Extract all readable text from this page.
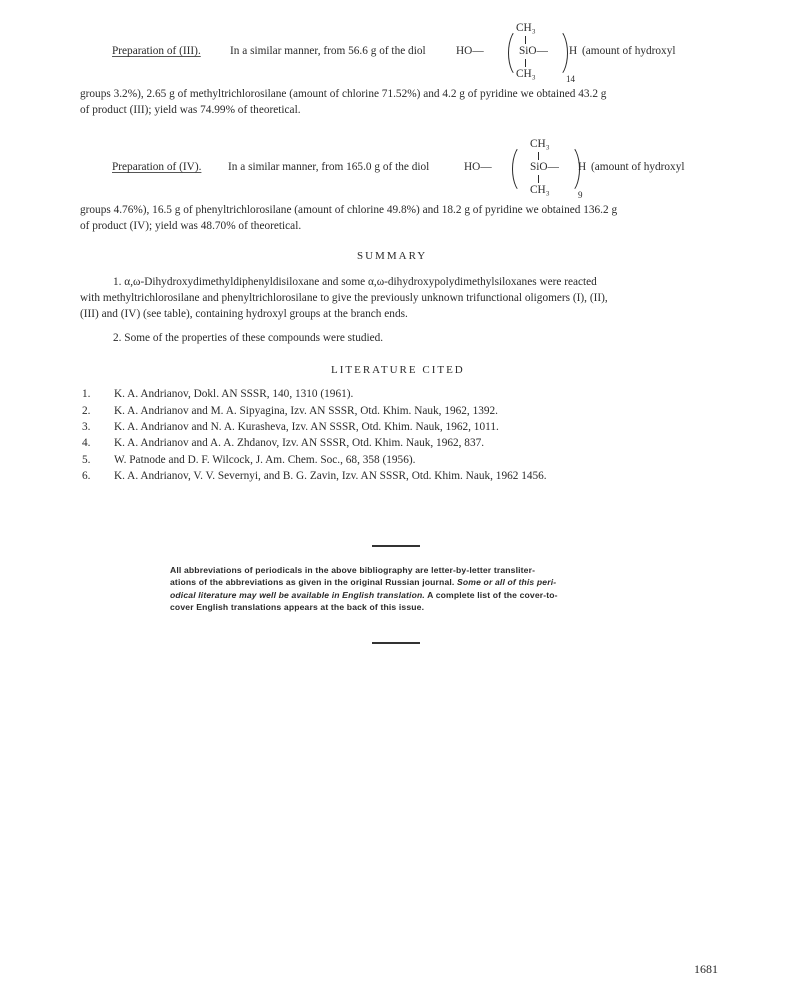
Preparation of (III).	In a similar manner, from 56.6 g of the diol	HO—
CH₃
SiO—
CH₃	14
H (amount of hydroxyl
groups 3.2%), 2.65 g of methyltrichlorosilane (amount of chlorine 71.52%) and 4.2 g of pyridine we obtained 43.2 g
of product (III); yield was 74.99% of theoretical.
Preparation of (IV). In a similar manner, from 165.0 g of the diol	HO—
CH₃
SiO—
CH₃	9
H (amount of hydroxyl
groups 4.76%), 16.5 g of phenyltrichlorosilane (amount of chlorine 49.8%) and 18.2 g of pyridine we obtained 136.2 g
of product (IV); yield was 48.70% of theoretical.
SUMMARY
1. α,ω-Dihydroxydimethyldiphenyldisiloxane and some α,ω-dihydroxypolydimethylsiloxanes were reacted
with methyltrichlorosilane and phenyltrichlorosilane to give the previously unknown trifunctional oligomers (I), (II),
(III) and (IV) (see table), containing hydroxyl groups at the branch ends.
2. Some of the properties of these compounds were studied.
LITERATURE CITED
1.	K. A. Andrianov, Dokl. AN SSSR, 140, 1310 (1961).
2.	K. A. Andrianov and M. A. Sipyagina, Izv. AN SSSR, Otd. Khim. Nauk, 1962, 1392.
3.	K. A. Andrianov and N. A. Kurasheva, Izv. AN SSSR, Otd. Khim. Nauk, 1962, 1011.
4.	K. A. Andrianov and A. A. Zhdanov, Izv. AN SSSR, Otd. Khim. Nauk, 1962, 837.
5.	W. Patnode and D. F. Wilcock, J. Am. Chem. Soc., 68, 358 (1956).
6.	K. A. Andrianov, V. V. Severnyi, and B. G. Zavin, Izv. AN SSSR, Otd. Khim. Nauk, 1962 1456.
All abbreviations of periodicals in the above bibliography are letter-by-letter transliter-
ations of the abbreviations as given in the original Russian journal. Some or all of this peri-
odical literature may well be available in English translation. A complete list of the cover-to-
cover English translations appears at the back of this issue.
1681
